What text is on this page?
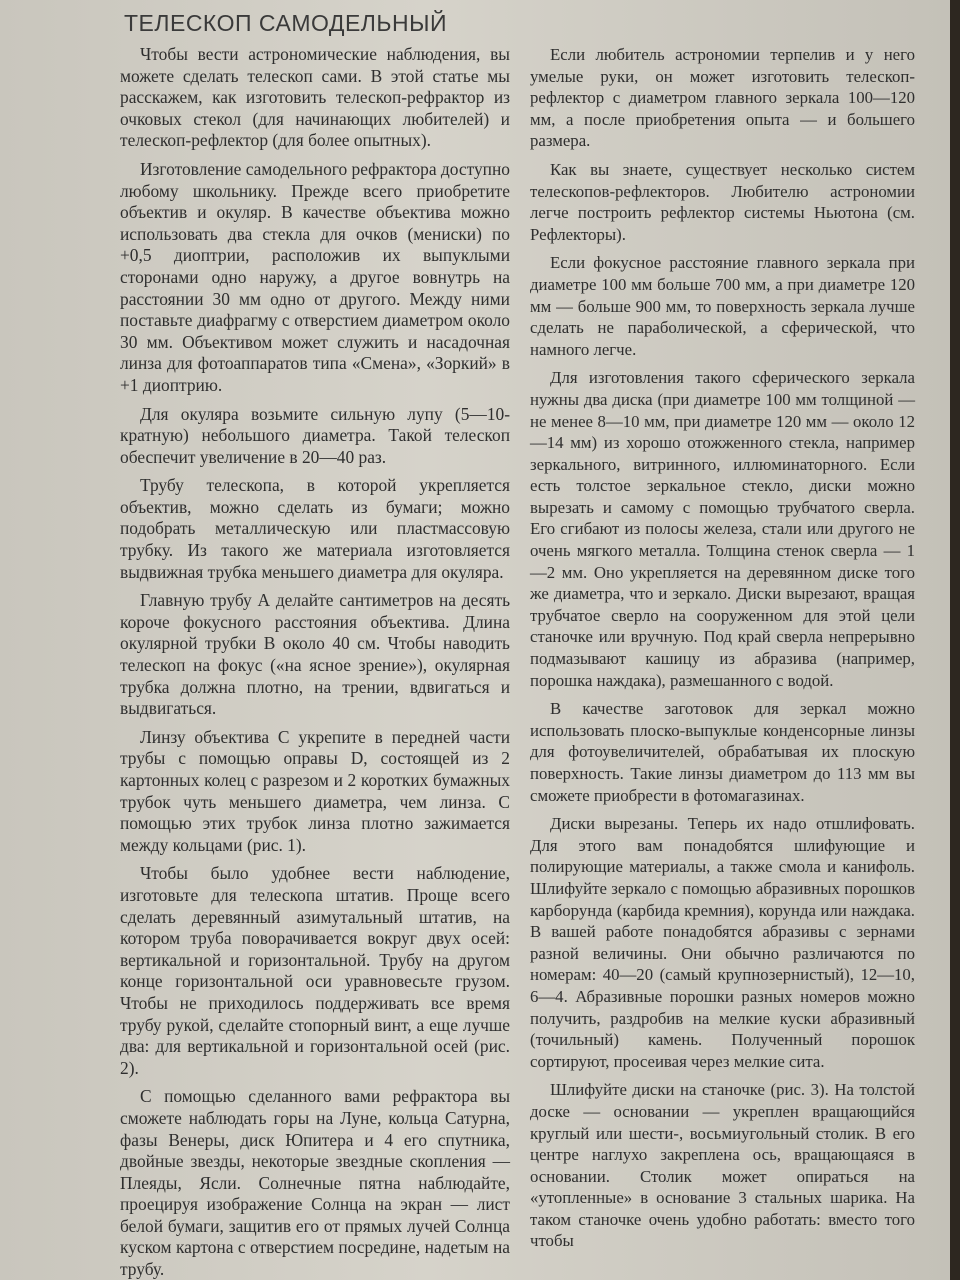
ТЕЛЕСКОП САМОДЕЛЬНЫЙ

Чтобы вести астрономические наблюдения, вы можете сделать телескоп сами. В этой статье мы расскажем, как изготовить телескоп-рефрактор из очковых стекол (для начинающих любителей) и телескоп-рефлектор (для более опытных).

Изготовление самодельного рефрактора доступно любому школьнику. Прежде всего приобретите объектив и окуляр. В качестве объектива можно использовать два стекла для очков (мениски) по +0,5 диоптрии, расположив их выпуклыми сторонами одно наружу, а другое вовнутрь на расстоянии 30 мм одно от другого. Между ними поставьте диафрагму с отверстием диаметром около 30 мм. Объективом может служить и насадочная линза для фотоаппаратов типа «Смена», «Зоркий» в +1 диоптрию.

Для окуляра возьмите сильную лупу (5—10-кратную) небольшого диаметра. Такой телескоп обеспечит увеличение в 20—40 раз.

Трубу телескопа, в которой укрепляется объектив, можно сделать из бумаги; можно подобрать металлическую или пластмассовую трубку. Из такого же материала изготовляется выдвижная трубка меньшего диаметра для окуляра.

Главную трубу А делайте сантиметров на десять короче фокусного расстояния объектива. Длина окулярной трубки В около 40 см. Чтобы наводить телескоп на фокус («на ясное зрение»), окулярная трубка должна плотно, на трении, вдвигаться и выдвигаться.

Линзу объектива С укрепите в передней части трубы с помощью оправы D, состоящей из 2 картонных колец с разрезом и 2 коротких бумажных трубок чуть меньшего диаметра, чем линза. С помощью этих трубок линза плотно зажимается между кольцами (рис. 1).

Чтобы было удобнее вести наблюдение, изготовьте для телескопа штатив. Проще всего сделать деревянный азимутальный штатив, на котором труба поворачивается вокруг двух осей: вертикальной и горизонтальной. Трубу на другом конце горизонтальной оси уравновесьте грузом. Чтобы не приходилось поддерживать все время трубу рукой, сделайте стопорный винт, а еще лучше два: для вертикальной и горизонтальной осей (рис. 2).

С помощью сделанного вами рефрактора вы сможете наблюдать горы на Луне, кольца Сатурна, фазы Венеры, диск Юпитера и 4 его спутника, двойные звезды, некоторые звездные скопления — Плеяды, Ясли. Солнечные пятна наблюдайте, проецируя изображение Солнца на экран — лист белой бумаги, защитив его от прямых лучей Солнца куском картона с отверстием посредине, надетым на трубу.

Если любитель астрономии терпелив и у него умелые руки, он может изготовить телескоп-рефлектор с диаметром главного зеркала 100—120 мм, а после приобретения опыта — и большего размера.

Как вы знаете, существует несколько систем телескопов-рефлекторов. Любителю астрономии легче построить рефлектор системы Ньютона (см. Рефлекторы).

Если фокусное расстояние главного зеркала при диаметре 100 мм больше 700 мм, а при диаметре 120 мм — больше 900 мм, то поверхность зеркала лучше сделать не параболической, а сферической, что намного легче.

Для изготовления такого сферического зеркала нужны два диска (при диаметре 100 мм толщиной — не менее 8—10 мм, при диаметре 120 мм — около 12—14 мм) из хорошо отожженного стекла, например зеркального, витринного, иллюминаторного. Если есть толстое зеркальное стекло, диски можно вырезать и самому с помощью трубчатого сверла. Его сгибают из полосы железа, стали или другого не очень мягкого металла. Толщина стенок сверла — 1—2 мм. Оно укрепляется на деревянном диске того же диаметра, что и зеркало. Диски вырезают, вращая трубчатое сверло на сооруженном для этой цели станочке или вручную. Под край сверла непрерывно подмазывают кашицу из абразива (например, порошка наждака), размешанного с водой.

В качестве заготовок для зеркал можно использовать плоско-выпуклые конденсорные линзы для фотоувеличителей, обрабатывая их плоскую поверхность. Такие линзы диаметром до 113 мм вы сможете приобрести в фотомагазинах.

Диски вырезаны. Теперь их надо отшлифовать. Для этого вам понадобятся шлифующие и полирующие материалы, а также смола и канифоль. Шлифуйте зеркало с помощью абразивных порошков карборунда (карбида кремния), корунда или наждака. В вашей работе понадобятся абразивы с зернами разной величины. Они обычно различаются по номерам: 40—20 (самый крупнозернистый), 12—10, 6—4. Абразивные порошки разных номеров можно получить, раздробив на мелкие куски абразивный (точильный) камень. Полученный порошок сортируют, просеивая через мелкие сита.

Шлифуйте диски на станочке (рис. 3). На толстой доске — основании — укреплен вращающийся круглый или шести-, восьмиугольный столик. В его центре наглухо закреплена ось, вращающаяся в основании. Столик может опираться на «утопленные» в основание 3 стальных шарика. На таком станочке очень удобно работать: вместо того чтобы
